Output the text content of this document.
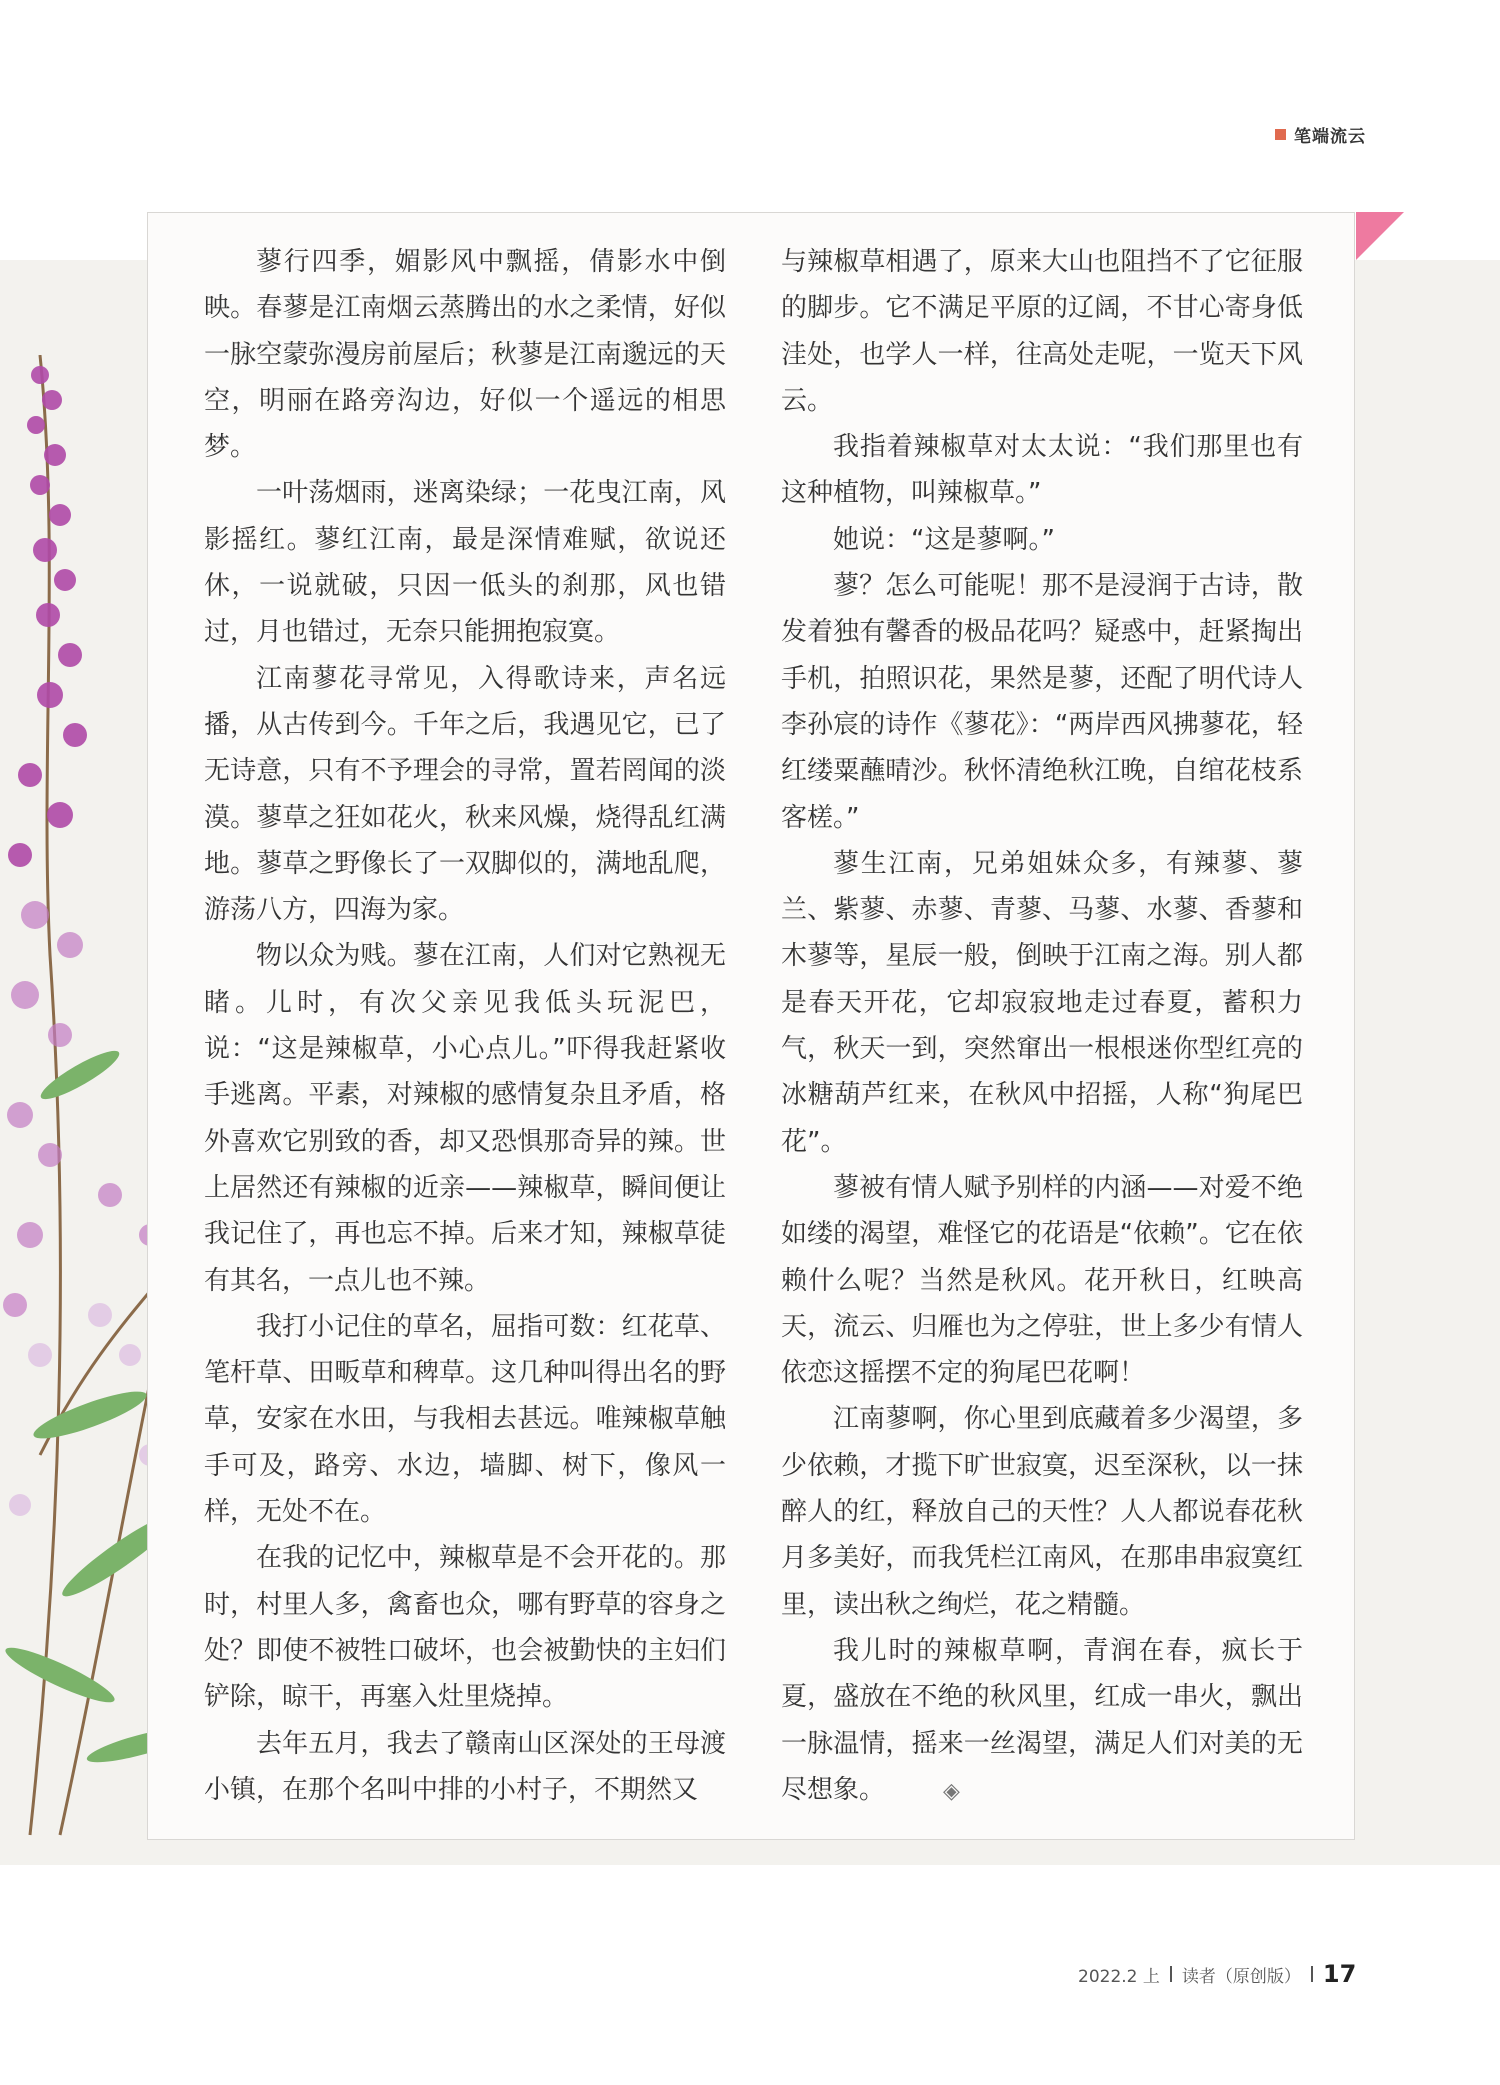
笔端流云

蓼行四季，媚影风中飘摇，倩影水中倒映。春蓼是江南烟云蒸腾出的水之柔情，好似一脉空蒙弥漫房前屋后；秋蓼是江南邈远的天空，明丽在路旁沟边，好似一个遥远的相思梦。

一叶荡烟雨，迷离染绿；一花曳江南，风影摇红。蓼红江南，最是深情难赋，欲说还休，一说就破，只因一低头的刹那，风也错过，月也错过，无奈只能拥抱寂寞。

江南蓼花寻常见，入得歌诗来，声名远播，从古传到今。千年之后，我遇见它，已了无诗意，只有不予理会的寻常，置若罔闻的淡漠。蓼草之狂如花火，秋来风燥，烧得乱红满地。蓼草之野像长了一双脚似的，满地乱爬，游荡八方，四海为家。

物以众为贱。蓼在江南，人们对它熟视无睹。儿时，有次父亲见我低头玩泥巴，说：“这是辣椒草，小心点儿。”吓得我赶紧收手逃离。平素，对辣椒的感情复杂且矛盾，格外喜欢它别致的香，却又恐惧那奇异的辣。世上居然还有辣椒的近亲——辣椒草，瞬间便让我记住了，再也忘不掉。后来才知，辣椒草徒有其名，一点儿也不辣。

我打小记住的草名，屈指可数：红花草、笔杆草、田畈草和稗草。这几种叫得出名的野草，安家在水田，与我相去甚远。唯辣椒草触手可及，路旁、水边，墙脚、树下，像风一样，无处不在。

在我的记忆中，辣椒草是不会开花的。那时，村里人多，禽畜也众，哪有野草的容身之处？即使不被牲口破坏，也会被勤快的主妇们铲除，晾干，再塞入灶里烧掉。

去年五月，我去了赣南山区深处的王母渡小镇，在那个名叫中排的小村子，不期然又

与辣椒草相遇了，原来大山也阻挡不了它征服的脚步。它不满足平原的辽阔，不甘心寄身低洼处，也学人一样，往高处走呢，一览天下风云。

我指着辣椒草对太太说：“我们那里也有这种植物，叫辣椒草。”

她说：“这是蓼啊。”

蓼？怎么可能呢！那不是浸润于古诗，散发着独有馨香的极品花吗？疑惑中，赶紧掏出手机，拍照识花，果然是蓼，还配了明代诗人李孙宸的诗作《蓼花》：“两岸西风拂蓼花，轻红缕粟蘸晴沙。秋怀清绝秋江晚，自绾花枝系客槎。”

蓼生江南，兄弟姐妹众多，有辣蓼、蓼兰、紫蓼、赤蓼、青蓼、马蓼、水蓼、香蓼和木蓼等，星辰一般，倒映于江南之海。别人都是春天开花，它却寂寂地走过春夏，蓄积力气，秋天一到，突然窜出一根根迷你型红亮的冰糖葫芦红来，在秋风中招摇，人称“狗尾巴花”。

蓼被有情人赋予别样的内涵——对爱不绝如缕的渴望，难怪它的花语是“依赖”。它在依赖什么呢？当然是秋风。花开秋日，红映高天，流云、归雁也为之停驻，世上多少有情人依恋这摇摆不定的狗尾巴花啊！

江南蓼啊，你心里到底藏着多少渴望，多少依赖，才揽下旷世寂寞，迟至深秋，以一抹醉人的红，释放自己的天性？人人都说春花秋月多美好，而我凭栏江南风，在那串串寂寞红里，读出秋之绚烂，花之精髓。

我儿时的辣椒草啊，青润在春，疯长于夏，盛放在不绝的秋风里，红成一串火，飘出一脉温情，摇来一丝渴望，满足人们对美的无尽想象。	◈

2022.2 上 读者（原创版） 17
